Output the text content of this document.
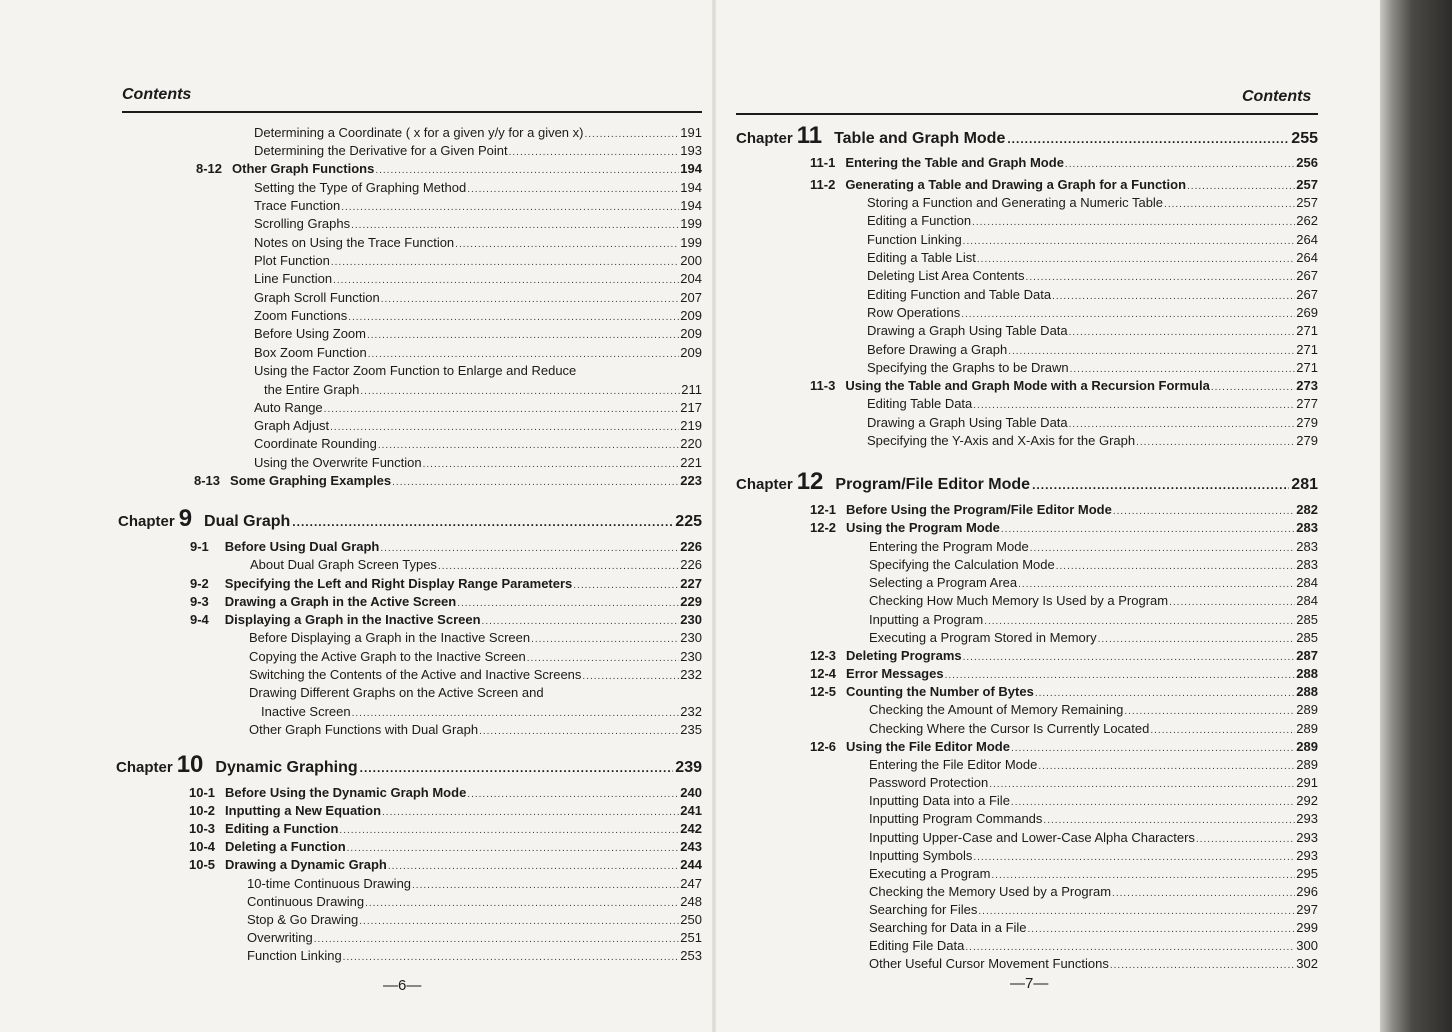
Contents
Determining a Coordinate ( x for a given y/y for a given x) .....	191
Determining the Derivative for a Given Point .....	193
8-12 Other Graph Functions .....	194
Setting the Type of Graphing Method .....	194
Trace Function .....	194
Scrolling Graphs .....	199
Notes on Using the Trace Function .....	199
Plot Function .....	200
Line Function .....	204
Graph Scroll Function .....	207
Zoom Functions .....	209
Before Using Zoom .....	209
Box Zoom Function .....	209
Using the Factor Zoom Function to Enlarge and Reduce
the Entire Graph .....	211
Auto Range .....	217
Graph Adjust .....	219
Coordinate Rounding .....	220
Using the Overwrite Function .....	221
8-13 Some Graphing Examples .....	223
Chapter 9 Dual Graph .....	225
9-1 Before Using Dual Graph .....	226
About Dual Graph Screen Types .....	226
9-2 Specifying the Left and Right Display Range Parameters .....	227
9-3 Drawing a Graph in the Active Screen .....	229
9-4 Displaying a Graph in the Inactive Screen .....	230
Before Displaying a Graph in the Inactive Screen .....	230
Copying the Active Graph to the Inactive Screen .....	230
Switching the Contents of the Active and Inactive Screens .....	232
Drawing Different Graphs on the Active Screen and
Inactive Screen .....	232
Other Graph Functions with Dual Graph .....	235
Chapter 10 Dynamic Graphing .....	239
10-1 Before Using the Dynamic Graph Mode .....	240
10-2 Inputting a New Equation .....	241
10-3 Editing a Function .....	242
10-4 Deleting a Function .....	243
10-5 Drawing a Dynamic Graph .....	244
10-time Continuous Drawing .....	247
Continuous Drawing .....	248
Stop & Go Drawing .....	250
Overwriting .....	251
Function Linking .....	253
—6—
Contents
Chapter 11 Table and Graph Mode .....	255
11-1 Entering the Table and Graph Mode .....	256
11-2 Generating a Table and Drawing a Graph for a Function .....	257
Storing a Function and Generating a Numeric Table .....	257
Editing a Function .....	262
Function Linking .....	264
Editing a Table List .....	264
Deleting List Area Contents .....	267
Editing Function and Table Data .....	267
Row Operations .....	269
Drawing a Graph Using Table Data .....	271
Before Drawing a Graph .....	271
Specifying the Graphs to be Drawn .....	271
11-3 Using the Table and Graph Mode with a Recursion Formula .....	273
Editing Table Data .....	277
Drawing a Graph Using Table Data .....	279
Specifying the Y-Axis and X-Axis for the Graph .....	279
Chapter 12 Program/File Editor Mode .....	281
12-1 Before Using the Program/File Editor Mode .....	282
12-2 Using the Program Mode .....	283
Entering the Program Mode .....	283
Specifying the Calculation Mode .....	283
Selecting a Program Area .....	284
Checking How Much Memory Is Used by a Program .....	284
Inputting a Program .....	285
Executing a Program Stored in Memory .....	285
12-3 Deleting Programs .....	287
12-4 Error Messages .....	288
12-5 Counting the Number of Bytes .....	288
Checking the Amount of Memory Remaining .....	289
Checking Where the Cursor Is Currently Located .....	289
12-6 Using the File Editor Mode .....	289
Entering the File Editor Mode .....	289
Password Protection .....	291
Inputting Data into a File .....	292
Inputting Program Commands .....	293
Inputting Upper-Case and Lower-Case Alpha Characters .....	293
Inputting Symbols .....	293
Executing a Program .....	295
Checking the Memory Used by a Program .....	296
Searching for Files .....	297
Searching for Data in a File .....	299
Editing File Data .....	300
Other Useful Cursor Movement Functions .....	302
—7—
